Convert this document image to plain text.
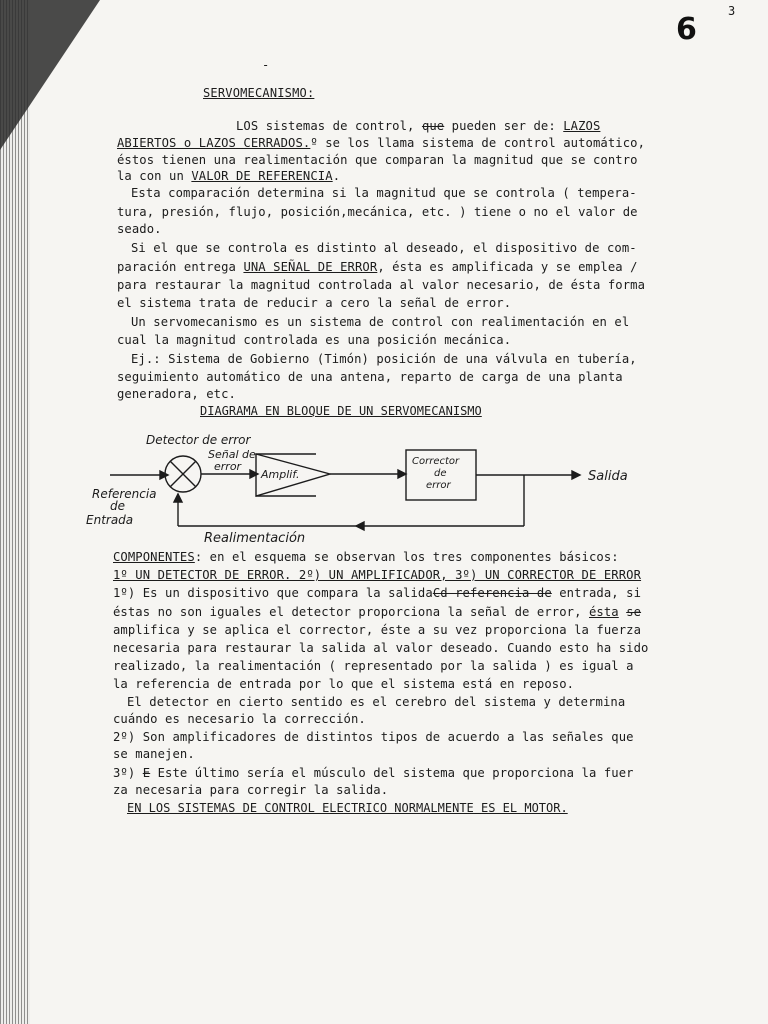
6
3
-
SERVOMECANISMO:
LOS sistemas de control, que pueden ser de: LAZOS
ABIERTOS o LAZOS CERRADOS.º se los llama sistema de control automático,
éstos tienen una realimentación que comparan la magnitud que se contro
la con un VALOR DE REFERENCIA.
Esta comparación determina si la magnitud que se controla ( tempera-
tura, presión, flujo, posición,mecánica, etc. ) tiene o no el valor de
seado.
Si el que se controla es distinto al deseado, el dispositivo de com-
paración entrega UNA SEÑAL DE ERROR, ésta es amplificada y se emplea /
para restaurar la magnitud controlada al valor necesario, de ésta forma
el sistema trata de reducir a cero la señal de error.
Un servomecanismo es un sistema de control con realimentación en el
cual la magnitud controlada es una posición mecánica.
Ej.: Sistema de Gobierno (Timón) posición de una válvula en tubería,
seguimiento automático de una antena, reparto de carga de una planta
generadora, etc.
DIAGRAMA EN BLOQUE DE UN SERVOMECANISMO
Detector de error
Señal de
error
Amplif.
Corrector
de
error
Salida
Referencia
de
Entrada
Realimentación
COMPONENTES: en el esquema se observan los tres componentes básicos:
1º UN DETECTOR DE ERROR. 2º) UN AMPLIFICADOR, 3º) UN CORRECTOR DE ERROR
1º) Es un dispositivo que compara la salidaCd referencia de entrada, si
éstas no son iguales el detector proporciona la señal de error, ésta se
amplifica y se aplica el corrector, éste a su vez proporciona la fuerza
necesaria para restaurar la salida al valor deseado. Cuando esto ha sido
realizado, la realimentación ( representado por la salida ) es igual a
la referencia de entrada por lo que el sistema está en reposo.
El detector en cierto sentido es el cerebro del sistema y determina
cuándo es necesario la corrección.
2º) Son amplificadores de distintos tipos de acuerdo a las señales que
se manejen.
3º) E Este último sería el músculo del sistema que proporciona la fuer
za necesaria para corregir la salida.
EN LOS SISTEMAS DE CONTROL ELECTRICO NORMALMENTE ES EL MOTOR.
